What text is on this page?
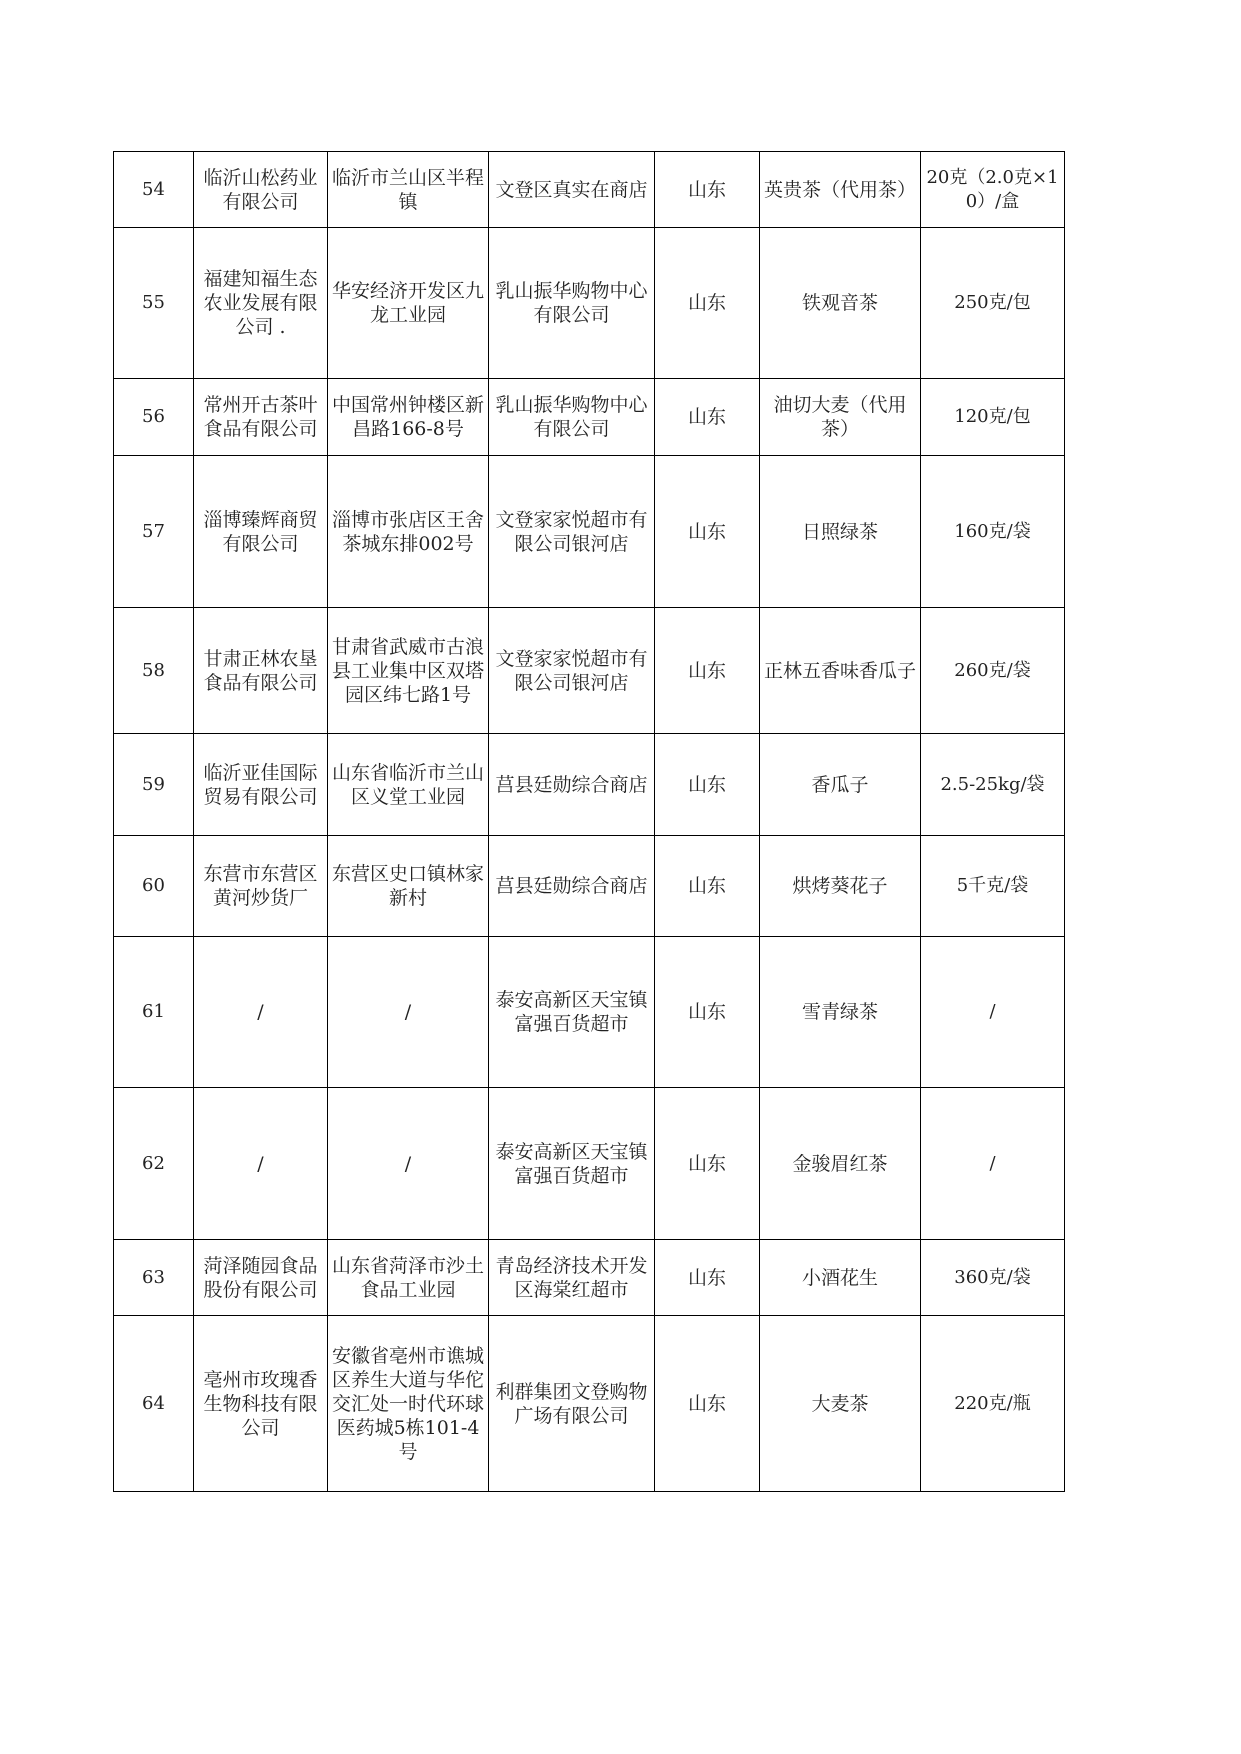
54	临沂山松药业有限公司	临沂市兰山区半程镇	文登区真实在商店	山东	英贵茶（代用茶）	20克（2.0克×10）/盒
55	福建知福生态农业发展有限公司 .	华安经济开发区九龙工业园	乳山振华购物中心有限公司	山东	铁观音茶	250克/包
56	常州开古茶叶食品有限公司	中国常州钟楼区新昌路166-8号	乳山振华购物中心有限公司	山东	油切大麦（代用茶）	120克/包
57	淄博臻辉商贸有限公司	淄博市张店区王舍茶城东排002号	文登家家悦超市有限公司银河店	山东	日照绿茶	160克/袋
58	甘肃正林农垦食品有限公司	甘肃省武威市古浪县工业集中区双塔园区纬七路1号	文登家家悦超市有限公司银河店	山东	正林五香味香瓜子	260克/袋
59	临沂亚佳国际贸易有限公司	山东省临沂市兰山区义堂工业园	莒县廷勋综合商店	山东	香瓜子	2.5-25kg/袋
60	东营市东营区黄河炒货厂	东营区史口镇林家新村	莒县廷勋综合商店	山东	烘烤葵花子	5千克/袋
61	/	/	泰安高新区天宝镇富强百货超市	山东	雪青绿茶	/
62	/	/	泰安高新区天宝镇富强百货超市	山东	金骏眉红茶	/
63	菏泽随园食品股份有限公司	山东省菏泽市沙土食品工业园	青岛经济技术开发区海棠红超市	山东	小酒花生	360克/袋
64	亳州市玫瑰香生物科技有限公司	安徽省亳州市谯城区养生大道与华佗交汇处一时代环球医药城5栋101-4号	利群集团文登购物广场有限公司	山东	大麦茶	220克/瓶
